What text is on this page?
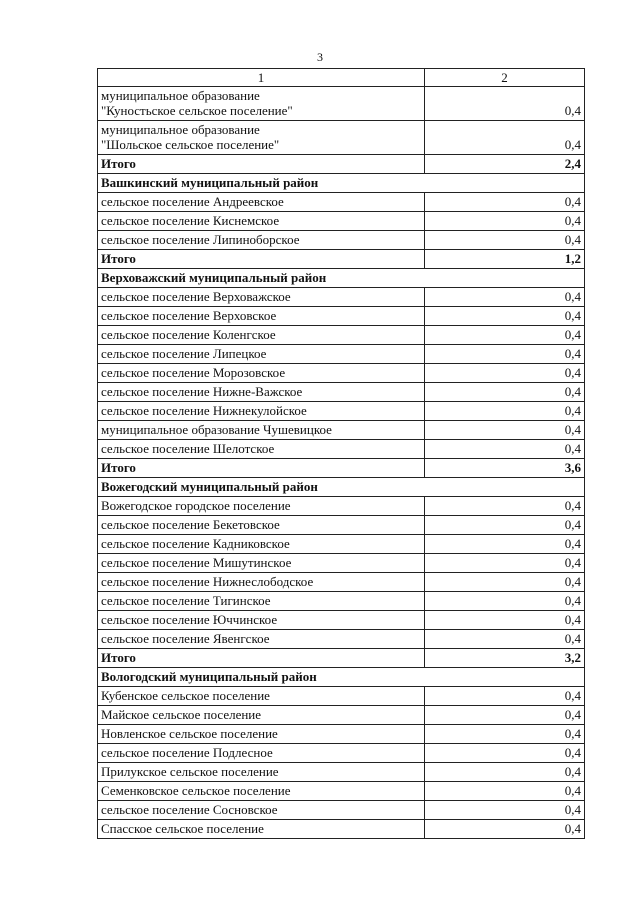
3
1	2

муниципальное образование
"Куностьское сельское поселение"	0,4

муниципальное образование
"Шольское сельское поселение"	0,4
Итого	2,4
Вашкинский муниципальный район	
сельское поселение Андреевское	0,4
сельское поселение Киснемское	0,4
сельское поселение Липиноборское	0,4
Итого	1,2
Верховажский муниципальный район	
сельское поселение Верховажское	0,4
сельское поселение Верховское	0,4
сельское поселение Коленгское	0,4
сельское поселение Липецкое	0,4
сельское поселение Морозовское	0,4
сельское поселение Нижне-Важское	0,4
сельское поселение Нижнекулойское	0,4
муниципальное образование Чушевицкое	0,4
сельское поселение Шелотское	0,4
Итого	3,6
Вожегодский муниципальный район	
Вожегодское городское поселение	0,4
сельское поселение Бекетовское	0,4
сельское поселение Кадниковское	0,4
сельское поселение Мишутинское	0,4
сельское поселение Нижнеслободское	0,4
сельское поселение Тигинское	0,4
сельское поселение Юччинское	0,4
сельское поселение Явенгское	0,4
Итого	3,2
Вологодский муниципальный район	
Кубенское сельское поселение	0,4
Майское сельское поселение	0,4
Новленское сельское поселение	0,4
сельское поселение Подлесное	0,4
Прилукское сельское поселение	0,4
Семенковское сельское поселение	0,4
сельское поселение Сосновское	0,4
Спасское сельское поселение	0,4
